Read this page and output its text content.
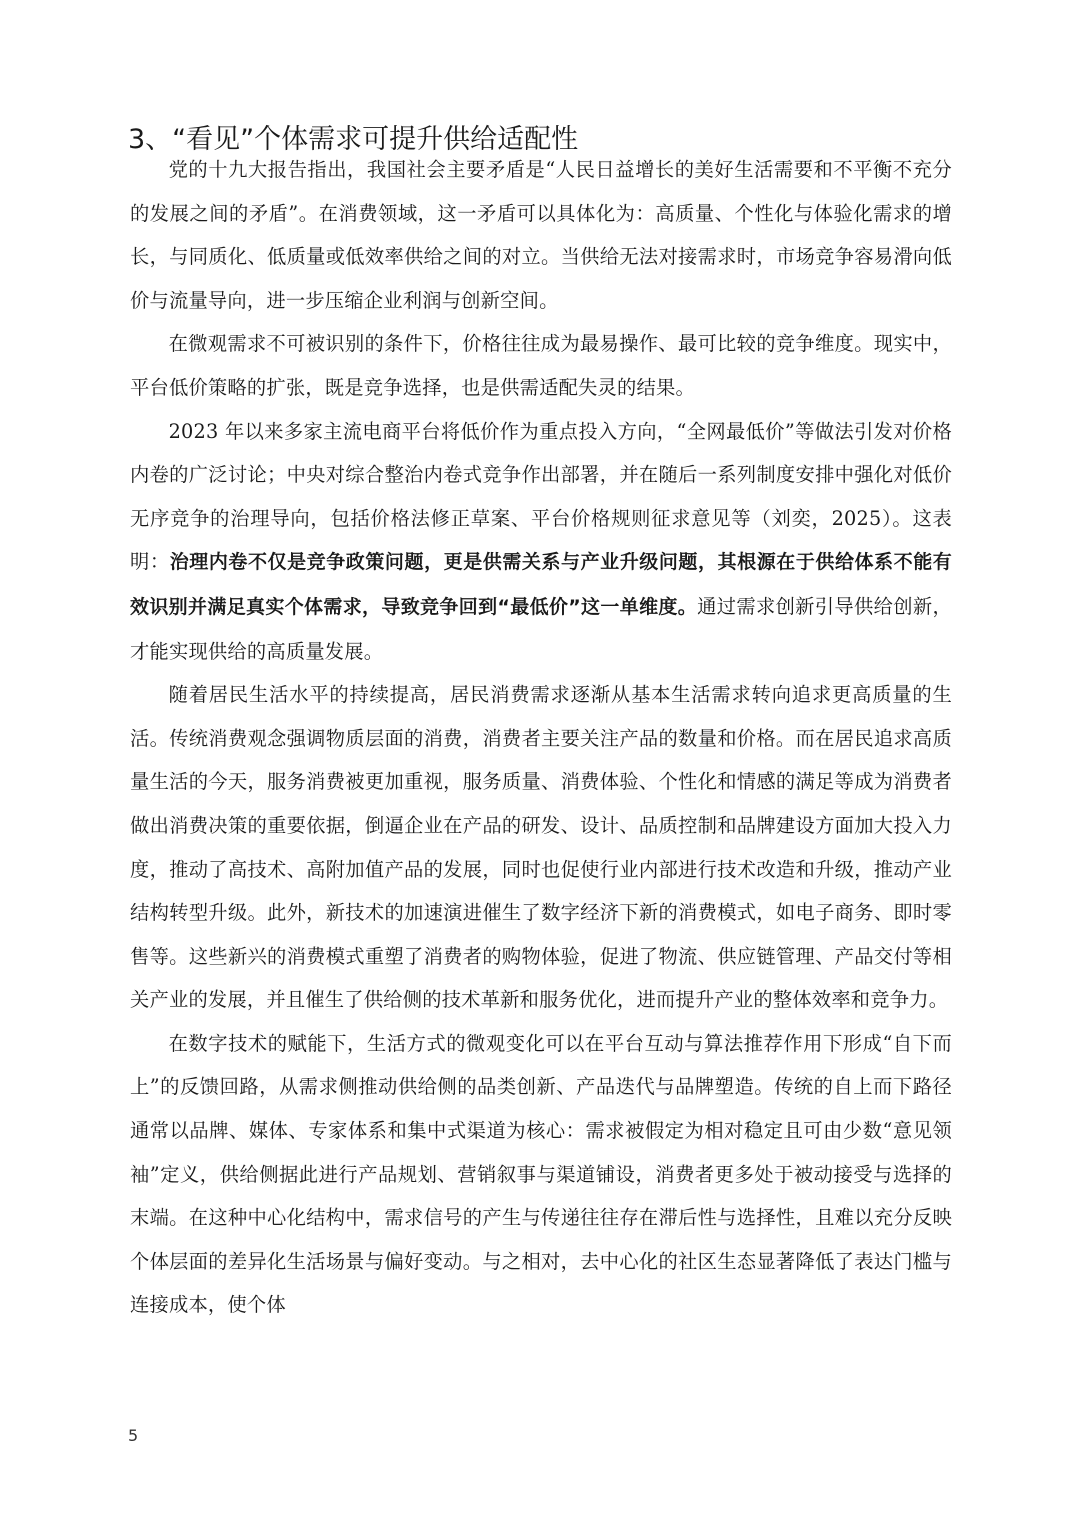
3、“看见”个体需求可提升供给适配性

党的十九大报告指出，我国社会主要矛盾是“人民日益增长的美好生活需要和不平衡不充分的发展之间的矛盾”。在消费领域，这一矛盾可以具体化为：高质量、个性化与体验化需求的增长，与同质化、低质量或低效率供给之间的对立。当供给无法对接需求时，市场竞争容易滑向低价与流量导向，进一步压缩企业利润与创新空间。

在微观需求不可被识别的条件下，价格往往成为最易操作、最可比较的竞争维度。现实中，平台低价策略的扩张，既是竞争选择，也是供需适配失灵的结果。

2023 年以来多家主流电商平台将低价作为重点投入方向，“全网最低价”等做法引发对价格内卷的广泛讨论；中央对综合整治内卷式竞争作出部署，并在随后一系列制度安排中强化对低价无序竞争的治理导向，包括价格法修正草案、平台价格规则征求意见等（刘奕，2025）。这表明：治理内卷不仅是竞争政策问题，更是供需关系与产业升级问题，其根源在于供给体系不能有效识别并满足真实个体需求，导致竞争回到“最低价”这一单维度。通过需求创新引导供给创新，才能实现供给的高质量发展。

随着居民生活水平的持续提高，居民消费需求逐渐从基本生活需求转向追求更高质量的生活。传统消费观念强调物质层面的消费，消费者主要关注产品的数量和价格。而在居民追求高质量生活的今天，服务消费被更加重视，服务质量、消费体验、个性化和情感的满足等成为消费者做出消费决策的重要依据，倒逼企业在产品的研发、设计、品质控制和品牌建设方面加大投入力度，推动了高技术、高附加值产品的发展，同时也促使行业内部进行技术改造和升级，推动产业结构转型升级。此外，新技术的加速演进催生了数字经济下新的消费模式，如电子商务、即时零售等。这些新兴的消费模式重塑了消费者的购物体验，促进了物流、供应链管理、产品交付等相关产业的发展，并且催生了供给侧的技术革新和服务优化，进而提升产业的整体效率和竞争力。

在数字技术的赋能下，生活方式的微观变化可以在平台互动与算法推荐作用下形成“自下而上”的反馈回路，从需求侧推动供给侧的品类创新、产品迭代与品牌塑造。传统的自上而下路径通常以品牌、媒体、专家体系和集中式渠道为核心：需求被假定为相对稳定且可由少数“意见领袖”定义，供给侧据此进行产品规划、营销叙事与渠道铺设，消费者更多处于被动接受与选择的末端。在这种中心化结构中，需求信号的产生与传递往往存在滞后性与选择性，且难以充分反映个体层面的差异化生活场景与偏好变动。与之相对，去中心化的社区生态显著降低了表达门槛与连接成本，使个体

5
